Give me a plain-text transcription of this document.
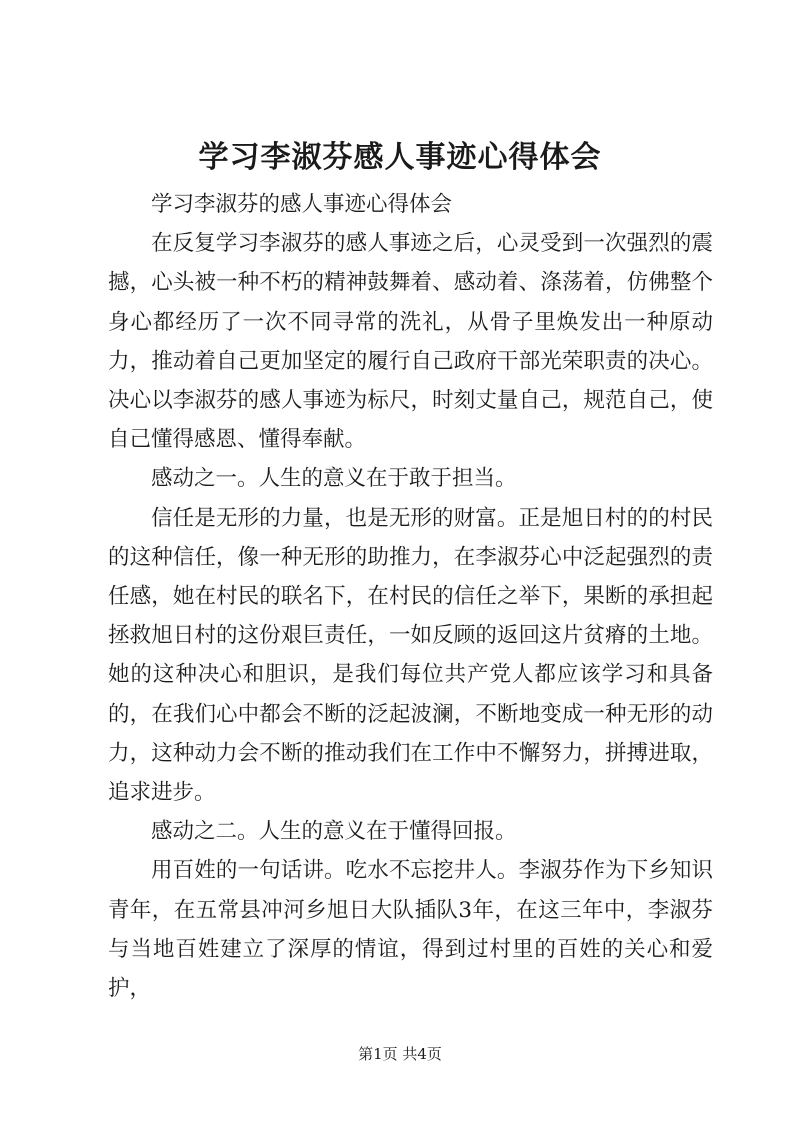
学习李淑芬感人事迹心得体会

学习李淑芬的感人事迹心得体会

在反复学习李淑芬的感人事迹之后，心灵受到一次强烈的震撼，心头被一种不朽的精神鼓舞着、感动着、涤荡着，仿佛整个身心都经历了一次不同寻常的洗礼，从骨子里焕发出一种原动力，推动着自己更加坚定的履行自己政府干部光荣职责的决心。决心以李淑芬的感人事迹为标尺，时刻丈量自己，规范自己，使自己懂得感恩、懂得奉献。

感动之一。人生的意义在于敢于担当。

信任是无形的力量，也是无形的财富。正是旭日村的的村民的这种信任，像一种无形的助推力，在李淑芬心中泛起强烈的责任感，她在村民的联名下，在村民的信任之举下，果断的承担起拯救旭日村的这份艰巨责任，一如反顾的返回这片贫瘠的土地。她的这种决心和胆识，是我们每位共产党人都应该学习和具备的，在我们心中都会不断的泛起波澜，不断地变成一种无形的动力，这种动力会不断的推动我们在工作中不懈努力，拼搏进取，追求进步。

感动之二。人生的意义在于懂得回报。

用百姓的一句话讲。吃水不忘挖井人。李淑芬作为下乡知识青年，在五常县冲河乡旭日大队插队3年，在这三年中，李淑芬与当地百姓建立了深厚的情谊，得到过村里的百姓的关心和爱护，

第1页 共4页
